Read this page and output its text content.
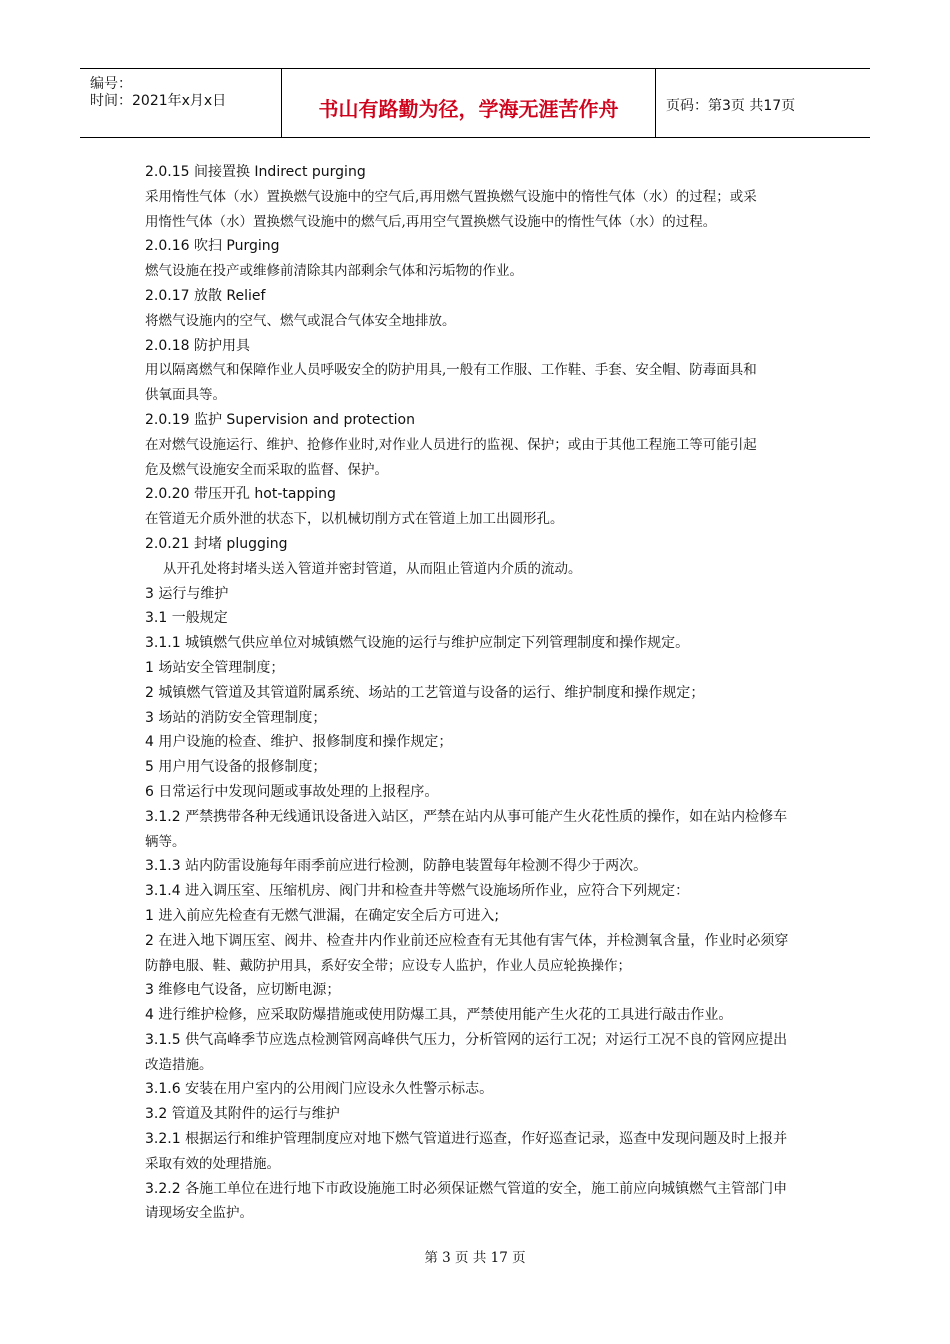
编号：
时间：2021年x月x日	书山有路勤为径，学海无涯苦作舟	页码：第3页 共17页
2.0.15 间接置换 Indirect purging
采用惰性气体（水）置换燃气设施中的空气后,再用燃气置换燃气设施中的惰性气体（水）的过程；或采
用惰性气体（水）置换燃气设施中的燃气后,再用空气置换燃气设施中的惰性气体（水）的过程。
2.0.16 吹扫 Purging
燃气设施在投产或维修前清除其内部剩余气体和污垢物的作业。
2.0.17 放散 Relief
将燃气设施内的空气、燃气或混合气体安全地排放。
2.0.18 防护用具
用以隔离燃气和保障作业人员呼吸安全的防护用具,一般有工作服、工作鞋、手套、安全帽、防毒面具和
供氧面具等。
2.0.19 监护 Supervision and protection
在对燃气设施运行、维护、抢修作业时,对作业人员进行的监视、保护；或由于其他工程施工等可能引起
危及燃气设施安全而采取的监督、保护。
2.0.20 带压开孔 hot-tapping
在管道无介质外泄的状态下，以机械切削方式在管道上加工出圆形孔。
2.0.21 封堵 plugging
从开孔处将封堵头送入管道并密封管道，从而阻止管道内介质的流动。
3 运行与维护
3.1 一般规定
3.1.1 城镇燃气供应单位对城镇燃气设施的运行与维护应制定下列管理制度和操作规定。
1 场站安全管理制度；
2 城镇燃气管道及其管道附属系统、场站的工艺管道与设备的运行、维护制度和操作规定；
3 场站的消防安全管理制度；
4 用户设施的检查、维护、报修制度和操作规定；
5 用户用气设备的报修制度；
6 日常运行中发现问题或事故处理的上报程序。
3.1.2 严禁携带各种无线通讯设备进入站区，严禁在站内从事可能产生火花性质的操作，如在站内检修车
辆等。
3.1.3 站内防雷设施每年雨季前应进行检测，防静电装置每年检测不得少于两次。
3.1.4 进入调压室、压缩机房、阀门井和检查井等燃气设施场所作业，应符合下列规定：
1 进入前应先检查有无燃气泄漏，在确定安全后方可进入;
2 在进入地下调压室、阀井、检查井内作业前还应检查有无其他有害气体，并检测氧含量，作业时必须穿
防静电服、鞋、戴防护用具，系好安全带；应设专人监护，作业人员应轮换操作；
3 维修电气设备，应切断电源；
4 进行维护检修，应采取防爆措施或使用防爆工具，严禁使用能产生火花的工具进行敲击作业。
3.1.5 供气高峰季节应选点检测管网高峰供气压力，分析管网的运行工况；对运行工况不良的管网应提出
改造措施。
3.1.6 安装在用户室内的公用阀门应设永久性警示标志。
3.2 管道及其附件的运行与维护
3.2.1 根据运行和维护管理制度应对地下燃气管道进行巡查，作好巡查记录，巡查中发现问题及时上报并
采取有效的处理措施。
3.2.2 各施工单位在进行地下市政设施施工时必须保证燃气管道的安全，施工前应向城镇燃气主管部门申
请现场安全监护。
第 3 页 共 17 页
